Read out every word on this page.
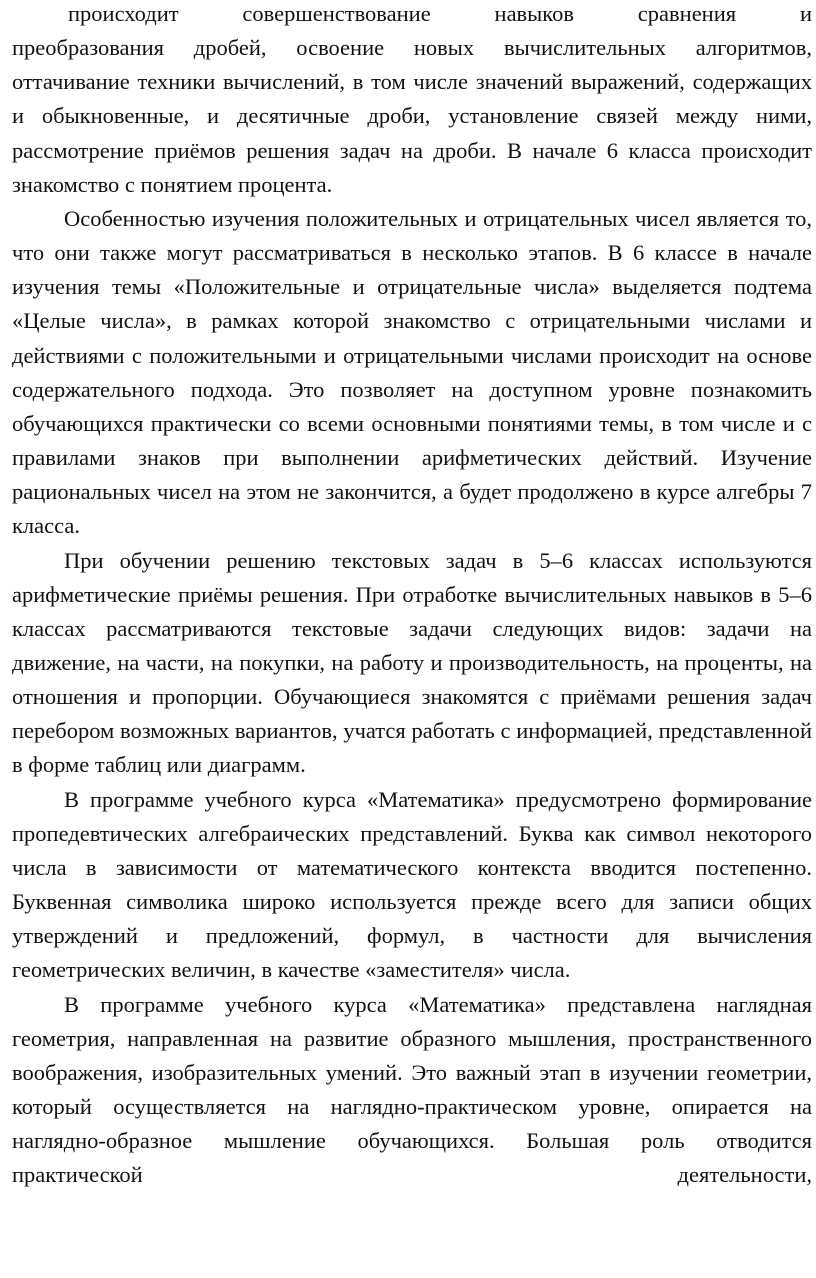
происходит совершенствование навыков сравнения и
преобразования дробей, освоение новых вычислительных алгоритмов, оттачивание техники вычислений, в том числе значений выражений, содержащих и обыкновенные, и десятичные дроби, установление связей между ними, рассмотрение приёмов решения задач на дроби. В начале 6 класса происходит знакомство с понятием процента.

Особенностью изучения положительных и отрицательных чисел является то, что они также могут рассматриваться в несколько этапов. В 6 классе в начале изучения темы «Положительные и отрицательные числа» выделяется подтема «Целые числа», в рамках которой знакомство с отрицательными числами и действиями с положительными и отрицательными числами происходит на основе содержательного подхода. Это позволяет на доступном уровне познакомить обучающихся практически со всеми основными понятиями темы, в том числе и с правилами знаков при выполнении арифметических действий. Изучение рациональных чисел на этом не закончится, а будет продолжено в курсе алгебры 7 класса.

При обучении решению текстовых задач в 5–6 классах используются арифметические приёмы решения. При отработке вычислительных навыков в 5–6 классах рассматриваются текстовые задачи следующих видов: задачи на движение, на части, на покупки, на работу и производительность, на проценты, на отношения и пропорции. Обучающиеся знакомятся с приёмами решения задач перебором возможных вариантов, учатся работать с информацией, представленной в форме таблиц или диаграмм.

В программе учебного курса «Математика» предусмотрено формирование пропедевтических алгебраических представлений. Буква как символ некоторого числа в зависимости от математического контекста вводится постепенно. Буквенная символика широко используется прежде всего для записи общих утверждений и предложений, формул, в частности для вычисления геометрических величин, в качестве «заместителя» числа.

В программе учебного курса «Математика» представлена наглядная геометрия, направленная на развитие образного мышления, пространственного воображения, изобразительных умений. Это важный этап в изучении геометрии, который осуществляется на наглядно-практическом уровне, опирается на наглядно-образное мышление обучающихся. Большая роль отводится практической деятельности,
